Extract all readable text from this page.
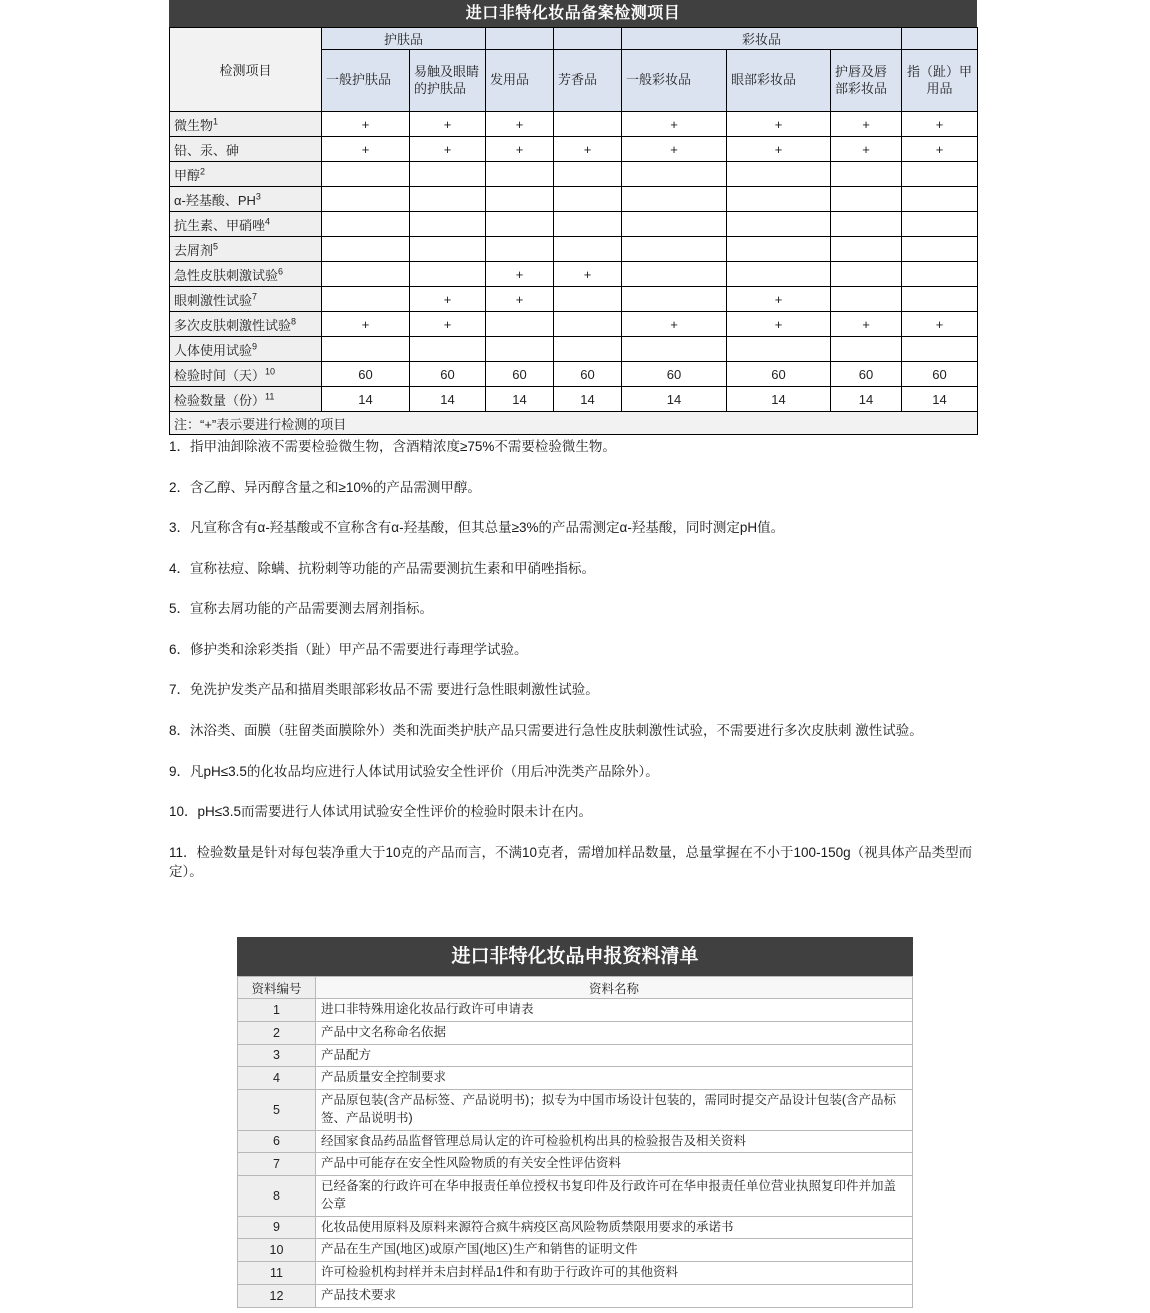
进口非特化妆品备案检测项目
检测项目	护肤品				彩妆品			
	一般护肤品	易触及眼睛的护肤品	发用品	芳香品	一般彩妆品	眼部彩妆品	护唇及唇部彩妆品	指（趾）甲用品
微生物$^1$	+	+	+		+	+	+	+
铅、汞、砷	+	+	+	+	+	+	+	+
甲醇$^2$								
α-羟基酸、$PH^3$								
抗生素、甲硝唑$^4$								
去屑剂$^5$								
急性皮肤刺激试验$^6$			+	+				
眼刺激性试验$^7$		+	+			+		
多次皮肤刺激性试验$^8$	+	+			+	+	+	+
人体使用试验$^9$								
检验时间（天）$^{10}$	60	60	60	60	60	60	60	60
检验数量（份）$^{11}$	14	14	14	14	14	14	14	14
注：“+”表示要进行检测的项目								
1．指甲油卸除液不需要检验微生物，含酒精浓度≥75%不需要检验微生物。
2．含乙醇、异丙醇含量之和≥10%的产品需测甲醇。
3．凡宣称含有α-羟基酸或不宣称含有α-羟基酸，但其总量≥3%的产品需测定α-羟基酸，同时测定pH值。
4．宣称祛痘、除螨、抗粉刺等功能的产品需要测抗生素和甲硝唑指标。
5．宣称去屑功能的产品需要测去屑剂指标。
6．修护类和涂彩类指（趾）甲产品不需要进行毒理学试验。
7．免洗护发类产品和描眉类眼部彩妆品不需 要进行急性眼刺激性试验。
8．沐浴类、面膜（驻留类面膜除外）类和洗面类护肤产品只需要进行急性皮肤刺激性试验，不需要进行多次皮肤刺 激性试验。
9．凡pH≤3.5的化妆品均应进行人体试用试验安全性评价（用后冲洗类产品除外）。
10．pH≤3.5而需要进行人体试用试验安全性评价的检验时限未计在内。
11．检验数量是针对每包装净重大于10克的产品而言，不满10克者，需增加样品数量，总量掌握在不小于100-150g（视具体产品类型而定）。
进口非特化妆品申报资料清单
资料编号	资料名称
1	进口非特殊用途化妆品行政许可申请表
2	产品中文名称命名依据
3	产品配方
4	产品质量安全控制要求
5	产品原包装(含产品标签、产品说明书)；拟专为中国市场设计包装的，需同时提交产品设计包装(含产品标签、产品说明书)
6	经国家食品药品监督管理总局认定的许可检验机构出具的检验报告及相关资料
7	产品中可能存在安全性风险物质的有关安全性评估资料
8	已经备案的行政许可在华申报责任单位授权书复印件及行政许可在华申报责任单位营业执照复印件并加盖公章
9	化妆品使用原料及原料来源符合疯牛病疫区高风险物质禁限用要求的承诺书
10	产品在生产国(地区)或原产国(地区)生产和销售的证明文件
11	许可检验机构封样并未启封样品1件和有助于行政许可的其他资料
12	产品技术要求
